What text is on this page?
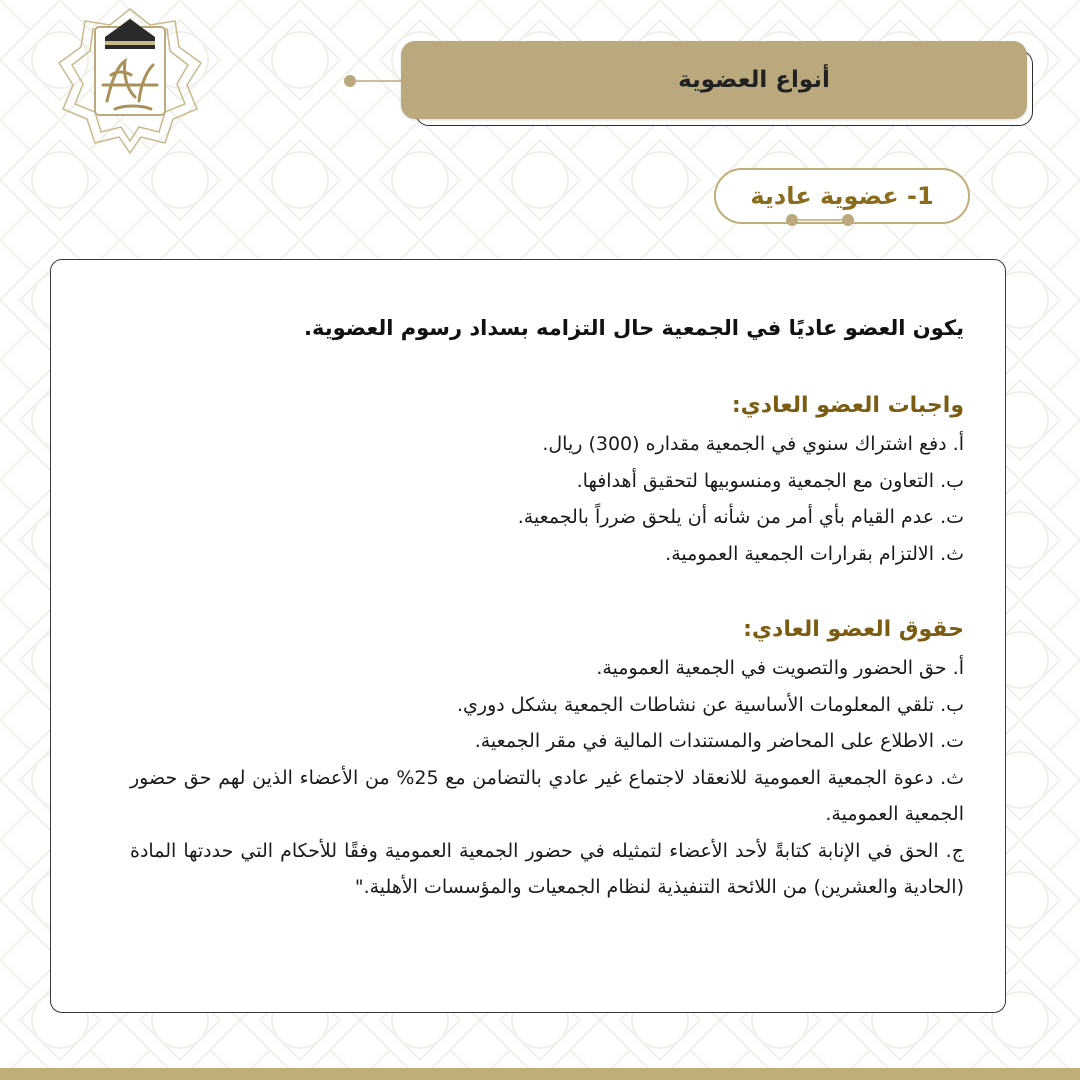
أنواع العضوية
1- عضوية عادية

يكون العضو عاديًا في الجمعية حال التزامه بسداد رسوم العضوية.

واجبات العضو العادي:

أ. دفع اشتراك سنوي في الجمعية مقداره (300) ريال.

ب. التعاون مع الجمعية ومنسوبيها لتحقيق أهدافها.

ت. عدم القيام بأي أمر من شأنه أن يلحق ضرراً بالجمعية.

ث. الالتزام بقرارات الجمعية العمومية.

حقوق العضو العادي:

أ. حق الحضور والتصويت في الجمعية العمومية.

ب. تلقي المعلومات الأساسية عن نشاطات الجمعية بشكل دوري.

ت. الاطلاع على المحاضر والمستندات المالية في مقر الجمعية.

ث. دعوة الجمعية العمومية للانعقاد لاجتماع غير عادي بالتضامن مع 25% من الأعضاء الذين لهم حق حضور الجمعية العمومية.

ج. الحق في الإنابة كتابةً لأحد الأعضاء لتمثيله في حضور الجمعية العمومية وفقًا للأحكام التي حددتها المادة (الحادية والعشرين) من اللائحة التنفيذية لنظام الجمعيات والمؤسسات الأهلية."
